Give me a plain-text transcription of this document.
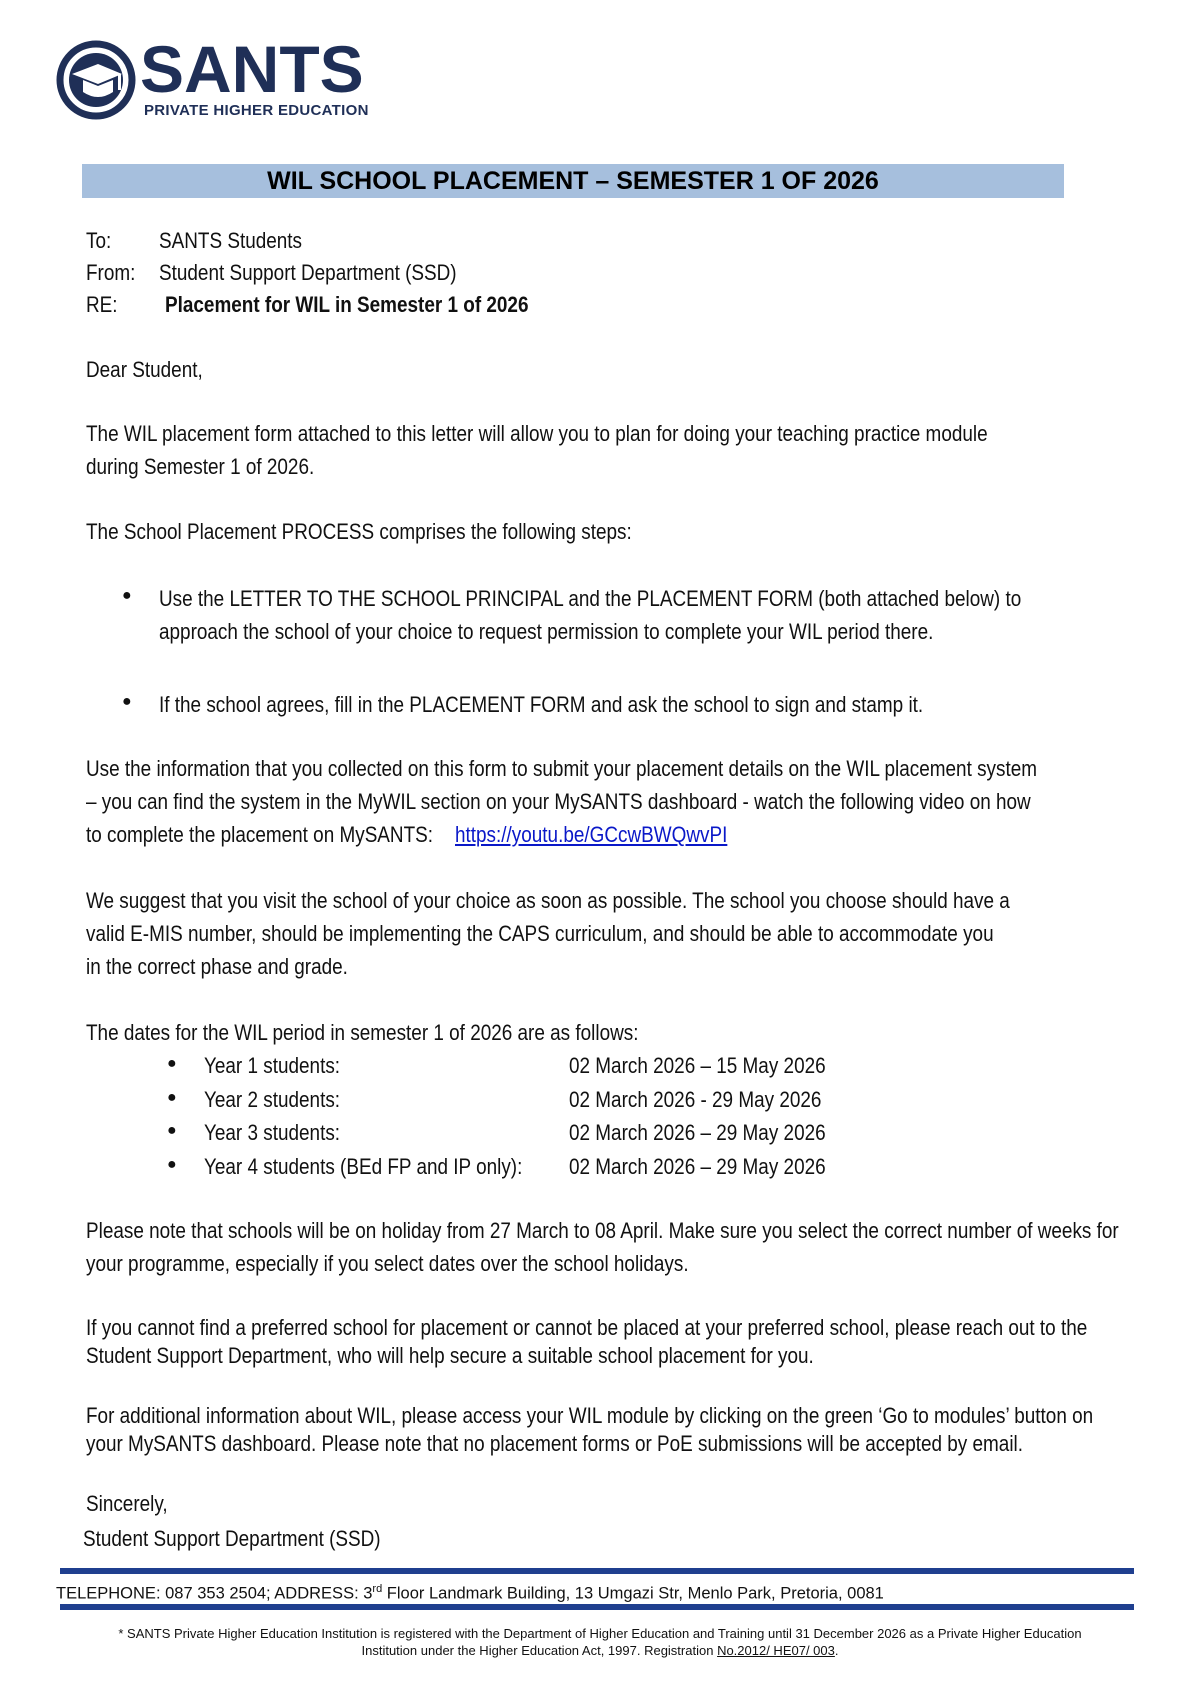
SANTS
PRIVATE HIGHER EDUCATION
WIL SCHOOL PLACEMENT – SEMESTER 1 OF 2026
To: SANTS Students
From: Student Support Department (SSD)
RE: Placement for WIL in Semester 1 of 2026
Dear Student,
The WIL placement form attached to this letter will allow you to plan for doing your teaching practice module
during Semester 1 of 2026.
The School Placement PROCESS comprises the following steps:
● Use the LETTER TO THE SCHOOL PRINCIPAL and the PLACEMENT FORM (both attached below) to
approach the school of your choice to request permission to complete your WIL period there.
● If the school agrees, fill in the PLACEMENT FORM and ask the school to sign and stamp it.
Use the information that you collected on this form to submit your placement details on the WIL placement system
– you can find the system in the MyWIL section on your MySANTS dashboard - watch the following video on how
to complete the placement on MySANTS: https://youtu.be/GCcwBWQwvPI
We suggest that you visit the school of your choice as soon as possible. The school you choose should have a
valid E-MIS number, should be implementing the CAPS curriculum, and should be able to accommodate you
in the correct phase and grade.
The dates for the WIL period in semester 1 of 2026 are as follows:
● Year 1 students:	02 March 2026 – 15 May 2026
● Year 2 students:	02 March 2026 - 29 May 2026
● Year 3 students:	02 March 2026 – 29 May 2026
● Year 4 students (BEd FP and IP only): 02 March 2026 – 29 May 2026
Please note that schools will be on holiday from 27 March to 08 April. Make sure you select the correct number of weeks for
your programme, especially if you select dates over the school holidays.
If you cannot find a preferred school for placement or cannot be placed at your preferred school, please reach out to the
Student Support Department, who will help secure a suitable school placement for you.
For additional information about WIL, please access your WIL module by clicking on the green ‘Go to modules’ button on
your MySANTS dashboard. Please note that no placement forms or PoE submissions will be accepted by email.
Sincerely,
Student Support Department (SSD)
TELEPHONE: 087 353 2504; ADDRESS: 3rd Floor Landmark Building, 13 Umgazi Str, Menlo Park, Pretoria, 0081
* SANTS Private Higher Education Institution is registered with the Department of Higher Education and Training until 31 December 2026 as a Private Higher Education
Institution under the Higher Education Act, 1997. Registration No.2012/ HE07/ 003.
